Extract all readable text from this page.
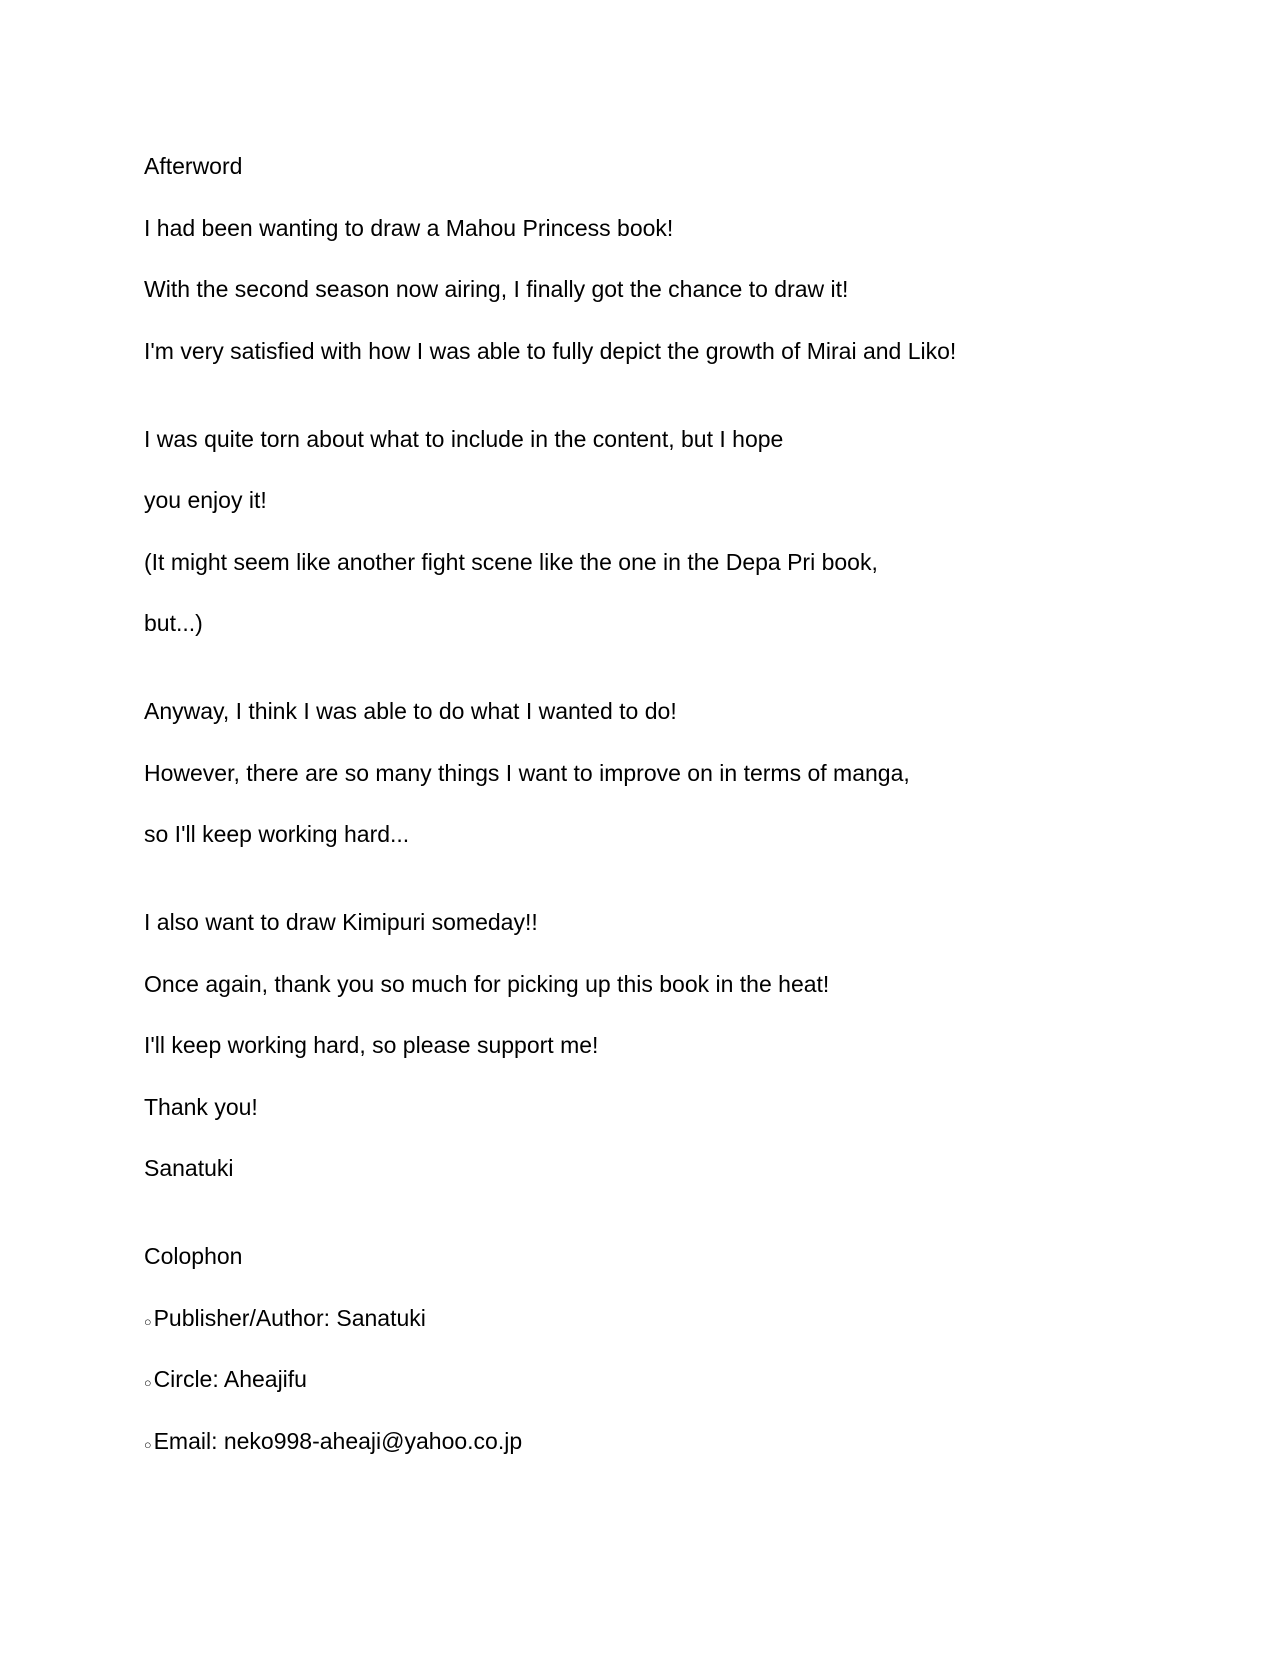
Afterword

I had been wanting to draw a Mahou Princess book!

With the second season now airing, I finally got the chance to draw it!

I'm very satisfied with how I was able to fully depict the growth of Mirai and Liko!

I was quite torn about what to include in the content, but I hope

you enjoy it!

(It might seem like another fight scene like the one in the Depa Pri book,

but...)

Anyway, I think I was able to do what I wanted to do!

However, there are so many things I want to improve on in terms of manga,

so I'll keep working hard...

I also want to draw Kimipuri someday!!

Once again, thank you so much for picking up this book in the heat!

I'll keep working hard, so please support me!

Thank you!

Sanatuki

Colophon

○Publisher/Author: Sanatuki

○Circle: Aheajifu

○Email: neko998-aheaji@yahoo.co.jp
